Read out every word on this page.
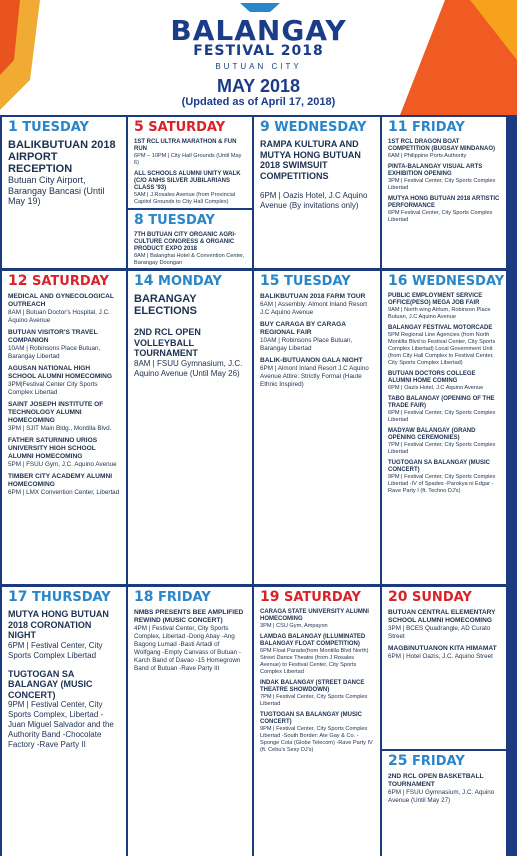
BALANGAY
FESTIVAL 2018
BUTUAN CITY
MAY 2018
(Updated as of April 17, 2018)
1 TUESDAY
BALIKBUTUAN 2018 AIRPORT RECEPTION
Butuan City Airport, Barangay Bancasi (Until May 19)
5 SATURDAY
1ST RCL ULTRA MARATHON & FUN RUN
6PM – 10PM | City Hall Grounds (Until May 6)
ALL SCHOOLS ALUMNI UNITY WALK (C/O ANHS SILVER JUBILARIANS CLASS '93)
5AM | J.Rosales Avenue (from Provincial Capitol Grounds to City Hall Complex)
8 TUESDAY
7TH BUTUAN CITY ORGANIC AGRI-CULTURE CONGRESS & ORGANIC PRODUCT EXPO 2018
8AM | Balanghai Hotel & Convention Center, Barangay Doongan
9 WEDNESDAY
RAMPA KULTURA AND MUTYA HONG BUTUAN 2018 SWIMSUIT COMPETITIONS
6PM | Oazis Hotel, J.C Aquino Avenue (By invitations only)
11 FRIDAY
1ST RCL DRAGON BOAT COMPETITION (BUGSAY MINDANAO)
6AM | Philippine Ports Authority
PINTA-BALANGAY VISUAL ARTS EXHIBITION OPENING
3PM | Festival Center, City Sports Complex Libertad
MUTYA HONG BUTUAN 2018 ARTISTIC PERFORMANCE
6PM Festival Center, City Sports Complex Libertad
12 SATURDAY
MEDICAL AND GYNECOLOGICAL OUTREACH
8AM | Butuan Doctor's Hospital, J.C. Aquino Avenue
BUTUAN VISITOR'S TRAVEL COMPANION
10AM | Robinsons Place Butuan, Barangay Libertad
AGUSAN NATIONAL HIGH SCHOOL ALUMNI HOMECOMING
3PM|Festival Center City Sports Complex Libertad
SAINT JOSEPH INSTITUTE OF TECHNOLOGY ALUMNI HOMECOMING
3PM | SJIT Main Bldg., Montilla Blvd.
FATHER SATURNINO URIOS UNIVERSITY HIGH SCHOOL ALUMNI HOMECOMING
5PM | FSUU Gym, J.C. Aquino Avenue
TIMBER CITY ACADEMY ALUMNI HOMECOMING
6PM | LMX Convention Center, Libertad
14 MONDAY
BARANGAY ELECTIONS
2ND RCL OPEN VOLLEYBALL TOURNAMENT
8AM | FSUU Gymnasium, J.C. Aquino Avenue (Until May 26)
15 TUESDAY
BALIKBUTUAN 2018 FARM TOUR
6AM | Assembly: Almont Inland Resort J.C Aquino Avenue
BUY CARAGA BY CARAGA REGIONAL FAIR
10AM | Robinsons Place Butuan, Barangay Libertad
BALIK-BUTUANON GALA NIGHT
6PM | Almont Inland Resort J.C Aquino Avenue Attire: Strictly Formal (Haute Ethnic Inspired)
16 WEDNESDAY
PUBLIC EMPLOYMENT SERVICE OFFICE(PESO) MEGA JOB FAIR
9AM | North wing Atrium, Robinson Place Butuan, J.C Aquino Avenue
BALANGAY FESTIVAL MOTORCADE
5PM Regional Line Agencies (from North Montilla Blvd to Festival Center, City Sports Complex Libertad) Local Government Unit (from City Hall Complex to Festival Center, City Sports Complex Libertad)
BUTUAN DOCTORS COLLEGE ALUMNI HOME COMING
6PM | Oazis Hotel, J.C Aquino Avenue
TABO BALANGAY (OPENING OF THE TRADE FAIR)
6PM | Festival Center, City Sports Complex Libertad
MADYAW BALANGAY (GRAND OPENING CEREMONIES)
7PM | Festival Center, City Sports Complex Libertad
TUGTOGAN SA BALANGAY (MUSIC CONCERT)
9PM | Festival Center, City Sports Complex Libertad -IV of Spades -Parokya ni Edgar -Rave Party I (ft. Techno DJ's)
17 THURSDAY
MUTYA HONG BUTUAN 2018 CORONATION NIGHT
6PM | Festival Center, City Sports Complex Libertad
TUGTOGAN SA BALANGAY (MUSIC CONCERT)
9PM | Festival Center, City Sports Complex, Libertad -Juan Miguel Salvador and the Authority Band -Chocolate Factory -Rave Party II
18 FRIDAY
NMBS PRESENTS BEE AMPLIFIED REWIND (MUSIC CONCERT)
4PM | Festival Center, City Sports Complex, Libertad -Dong Abay -Ang Bagong Lumad -Basti Artadi of Wolfgang -Empty Canvass of Butuan -Karch Band of Davao -15 Homegrown Band of Butuan -Rave Party III
19 SATURDAY
CARAGA STATE UNIVERSITY ALUMNI HOMECOMING
3PM | CSU Gym, Ampayon
LAMDAG BALANGAY (ILLUMINATED BALANGAY FLOAT COMPETITION)
6PM Float Parade(from Montilla Blvd North) Street Dance Theatre (from J Rosales Avenue) to Festival Center, City Sports Complex Libertad
INDAK BALANGAY (STREET DANCE THEATRE SHOWDOWN)
7PM | Festival Center, City Sports Complex Libertad
TUGTOGAN SA BALANGAY (MUSIC CONCERT)
9PM | Festival Center, City Sports Complex Libertad -South Border: Ate Gay & Co. -Sponge Cola (Globe Telecom) -Rave Party IV (ft. Cebu's Sexy DJ's)
20 SUNDAY
BUTUAN CENTRAL ELEMENTARY SCHOOL ALUMNI HOMECOMING
3PM | BCES Quadrangle, AD Curato Street
MAGBINUTUANON KITA HIMAMAT
6PM | Hotel Oazis, J.C. Aquino Street
25 FRIDAY
2ND RCL OPEN BASKETBALL TOURNAMENT
6PM | FSUU Gymnasium, J.C. Aquino Avenue (Until May 27)
